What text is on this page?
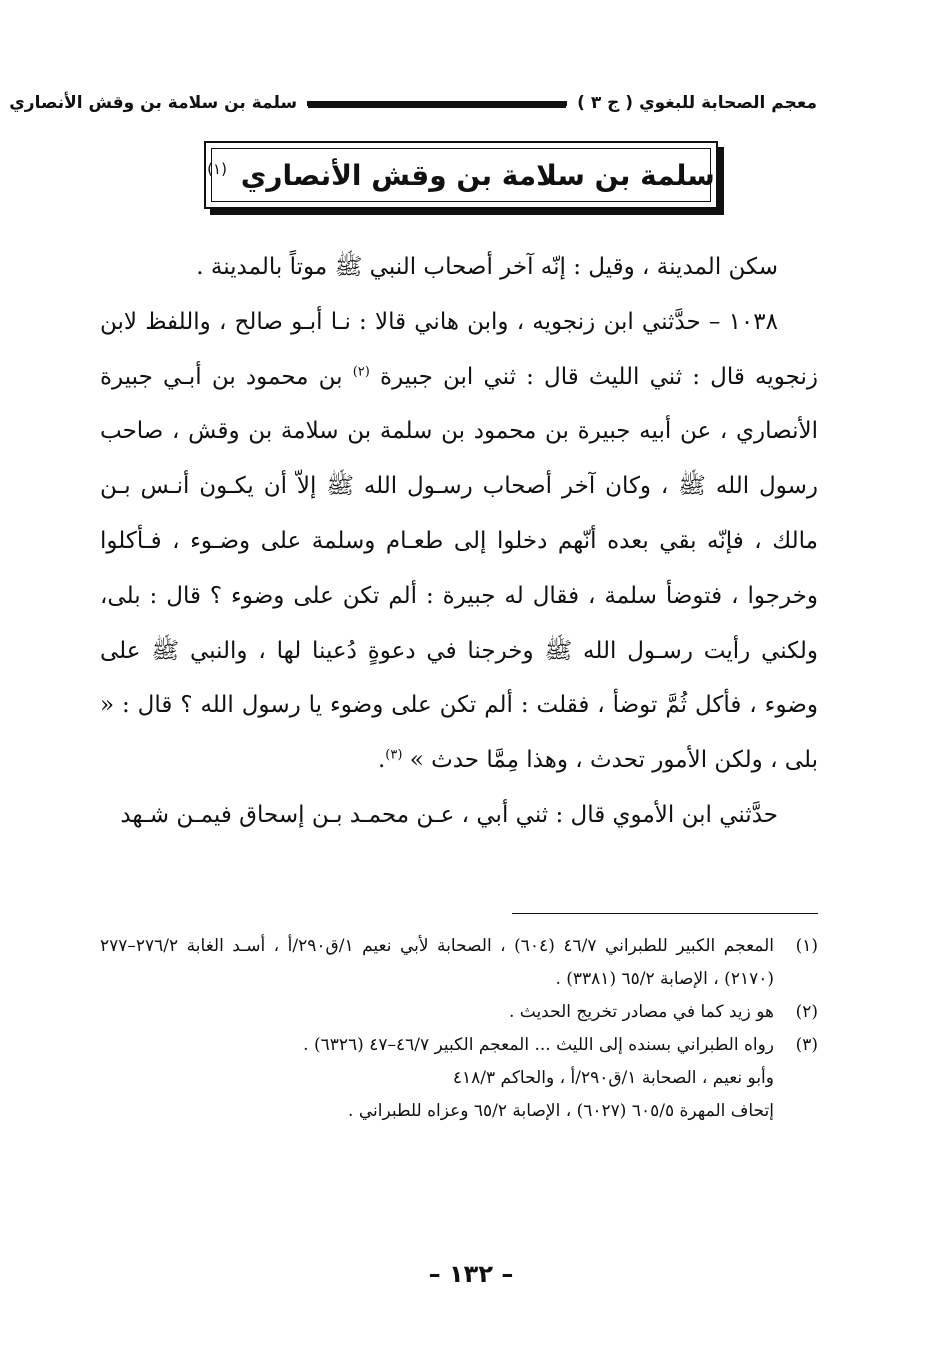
معجم الصحابة للبغوي
( ج ٣ )
سلمة بن سلامة بن وقش الأنصاري
سلمة بن سلامة بن وقش الأنصاري $^{(١)}$

سكن المدينة ، وقيل : إنّه آخر أصحاب النبي ﷺ موتاً بالمدينة .

١٠٣٨ – حدَّثني ابن زنجويه ، وابن هاني قالا : نـا أبـو صالح ، واللفظ لابن زنجويه قال : ثني الليث قال : ثني ابن جبيرة $^{(٢)}$ بن محمود بن أبـي جبيرة الأنصاري ، عن أبيه جبيرة بن محمود بن سلمة بن سلامة بن وقش ، صاحب رسول الله ﷺ ، وكان آخر أصحاب رسـول الله ﷺ إلاّ أن يكـون أنـس بـن مالك ، فإنّه بقي بعده أنّهم دخلوا إلى طعـام وسلمة على وضـوء ، فـأكلوا وخرجوا ، فتوضأ سلمة ، فقال له جبيرة : ألم تكن على وضوء ؟ قال : بلى، ولكني رأيت رسـول الله ﷺ وخرجنا في دعوةٍ دُعينا لها ، والنبي ﷺ على وضوء ، فأكل ثُمَّ توضأ ، فقلت : ألم تكن على وضوء يا رسول الله ؟ قال : « بلى ، ولكن الأمور تحدث ، وهذا مِمَّا حدث » $^{(٣)}$.

حدَّثني ابن الأموي قال : ثني أبي ، عـن محمـد بـن إسحاق فيمـن شـهد

(١)
المعجم الكبير للطبراني ٤٦/٧ (٦٠٤) ، الصحابة لأبي نعيم ١/ق٢٩٠/أ ، أسـد الغابة ٢٧٦/٢–٢٧٧ (٢١٧٠) ، الإصابة ٦٥/٢ (٣٣٨١) .
(٢)
هو زيد كما في مصادر تخريج الحديث .
(٣)
رواه الطبراني بسنده إلى الليث ... المعجم الكبير ٤٦/٧–٤٧ (٦٣٢٦) .
وأبو نعيم ، الصحابة ١/ق٢٩٠/أ ، والحاكم ٤١٨/٣
إتحاف المهرة ٦٠٥/٥ (٦٠٢٧) ، الإصابة ٦٥/٢ وعزاه للطبراني .
– ١٣٢ –
